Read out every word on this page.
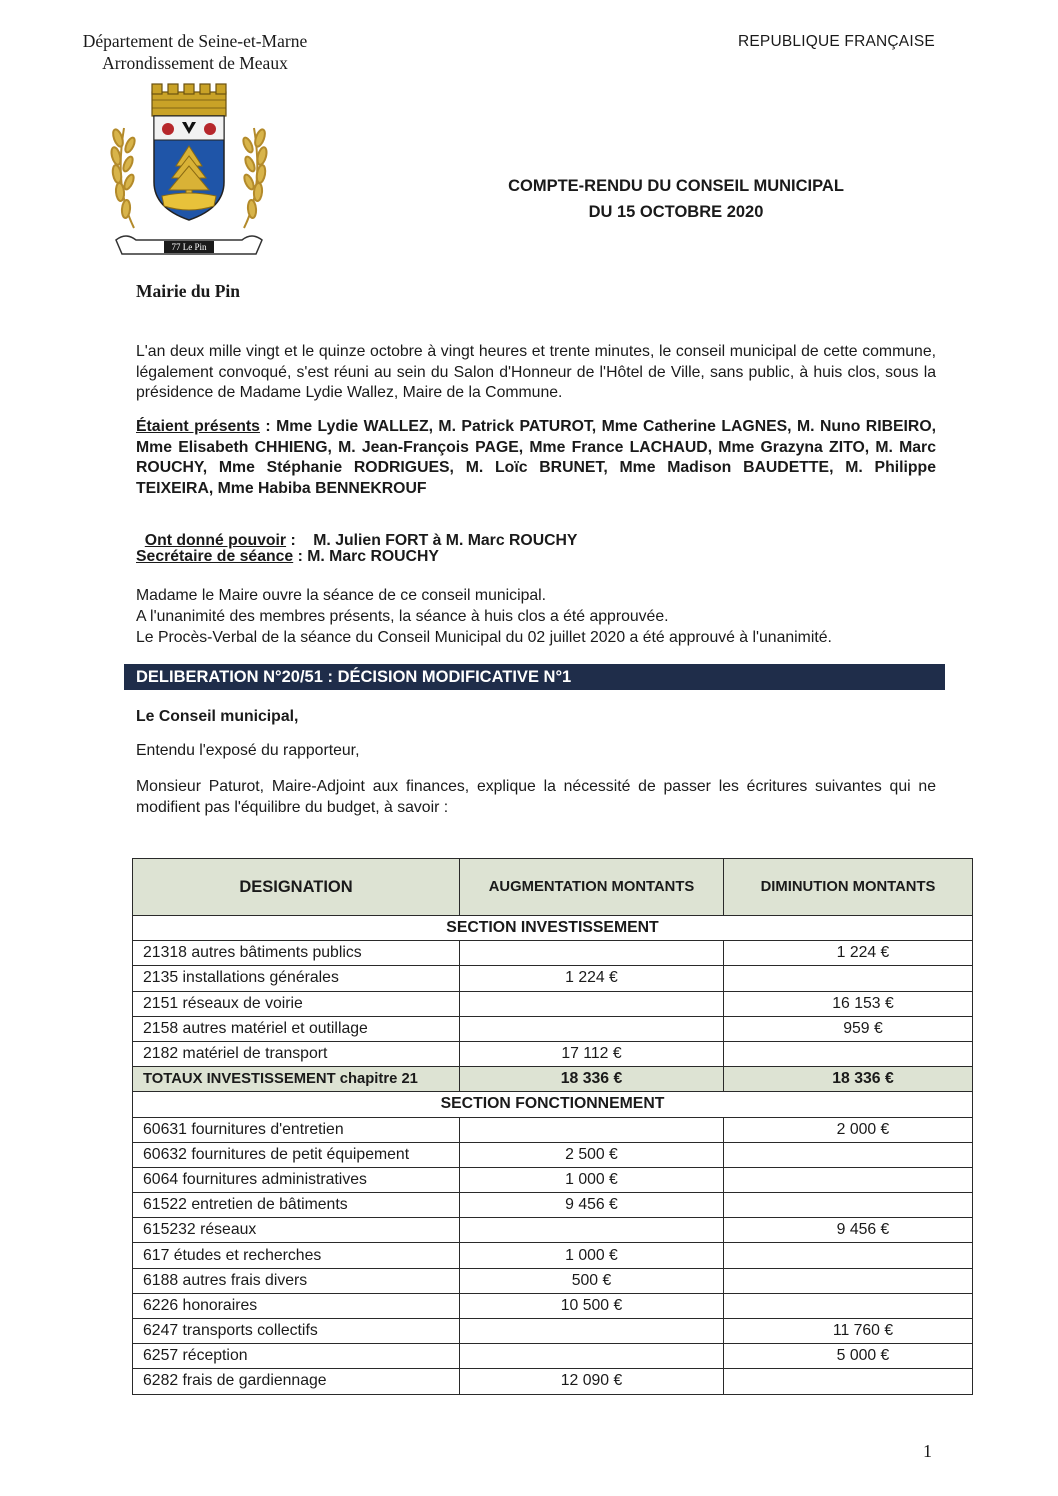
Département de Seine-et-Marne
Arrondissement de Meaux
REPUBLIQUE FRANÇAISE
77 Le Pin
Mairie du Pin
COMPTE-RENDU DU CONSEIL MUNICIPAL
DU 15 OCTOBRE 2020
L'an deux mille vingt et le quinze octobre à vingt heures et trente minutes, le conseil municipal de cette commune, légalement convoqué, s'est réuni au sein du Salon d'Honneur de l'Hôtel de Ville, sans public, à huis clos, sous la présidence de Madame Lydie Wallez, Maire de la Commune.
Étaient présents : Mme Lydie WALLEZ, M. Patrick PATUROT, Mme Catherine LAGNES, M. Nuno RIBEIRO, Mme Elisabeth CHHIENG, M. Jean-François PAGE, Mme France LACHAUD, Mme Grazyna ZITO, M. Marc ROUCHY, Mme Stéphanie RODRIGUES, M. Loïc BRUNET, Mme Madison BAUDETTE, M. Philippe TEIXEIRA, Mme Habiba BENNEKROUF

Ont donné pouvoir :    M. Julien FORT à M. Marc ROUCHY

Secrétaire de séance : M. Marc ROUCHY
Madame le Maire ouvre la séance de ce conseil municipal.
A l'unanimité des membres présents, la séance à huis clos a été approuvée.
Le Procès-Verbal de la séance du Conseil Municipal du 02 juillet 2020 a été approuvé à l'unanimité.
DELIBERATION N°20/51 : DÉCISION MODIFICATIVE N°1
Le Conseil municipal,
Entendu l'exposé du rapporteur,
Monsieur Paturot, Maire-Adjoint aux finances, explique la nécessité de passer les écritures suivantes qui ne modifient pas l'équilibre du budget, à savoir :
DESIGNATION	AUGMENTATION MONTANTS	DIMINUTION MONTANTS
SECTION INVESTISSEMENT		
21318 autres bâtiments publics		1 224 €
2135 installations générales	1 224 €	
2151 réseaux de voirie		16 153 €
2158 autres matériel et outillage		959 €
2182 matériel de transport	17 112 €	
TOTAUX INVESTISSEMENT chapitre 21	18 336 €	18 336 €
SECTION FONCTIONNEMENT		
60631 fournitures d'entretien		2 000 €
60632 fournitures de petit équipement	2 500 €	
6064 fournitures administratives	1 000 €	
61522 entretien de bâtiments	9 456 €	
615232 réseaux		9 456 €
617 études et recherches	1 000 €	
6188 autres frais divers	500 €	
6226 honoraires	10 500 €	
6247 transports collectifs		11 760 €
6257 réception		5 000 €
6282 frais de gardiennage	12 090 €	
1
